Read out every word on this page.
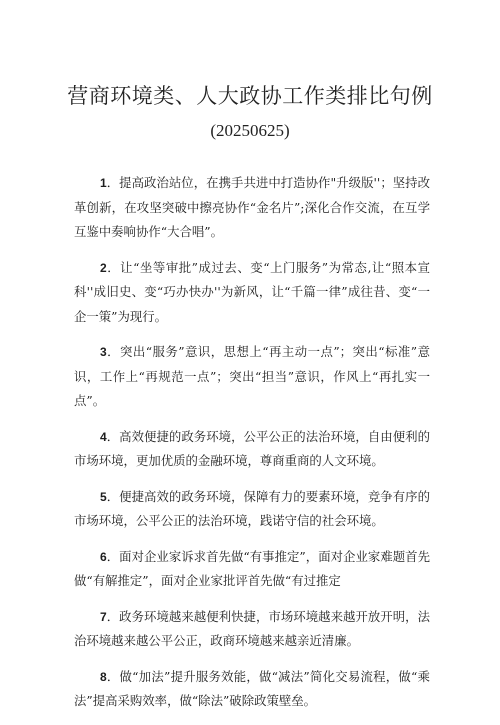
营商环境类、人大政协工作类排比句例
(20250625)

1．提高政治站位，在携手共进中打造协作"升级版''；坚持改革创新，在攻坚突破中擦亮协作“金名片”;深化合作交流，在互学互鉴中奏响协作“大合唱”。

2．让“坐等审批”成过去、变“上门服务”为常态,让“照本宣科''成旧史、变“巧办快办''为新风，让“千篇一律”成往昔、变“一企一策”为现行。

3．突出“服务”意识，思想上“再主动一点”；突出“标准”意识，工作上“再规范一点”；突出“担当”意识，作风上“再扎实一点”。

4．高效便捷的政务环境，公平公正的法治环境，自由便利的市场环境，更加优质的金融环境，尊商重商的人文环境。

5．便捷高效的政务环境，保障有力的要素环境，竞争有序的市场环境，公平公正的法治环境，践诺守信的社会环境。

6．面对企业家诉求首先做“有事推定”，面对企业家难题首先做“有解推定”，面对企业家批评首先做“有过推定

7．政务环境越来越便利快捷，市场环境越来越开放开明，法治环境越来越公平公正，政商环境越来越亲近清廉。

8．做“加法”提升服务效能，做“减法”简化交易流程，做“乘法”提高采购效率，做“除法”破除政策壁垒。
